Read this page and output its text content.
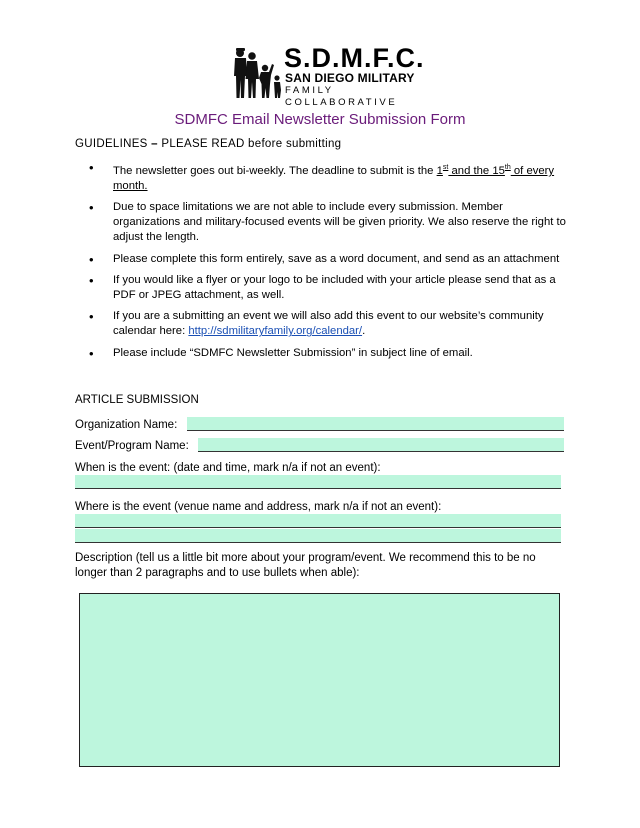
S.D.M.F.C.
SAN DIEGO MILITARY
FAMILY COLLABORATIVE
SDMFC Email Newsletter Submission Form
GUIDELINES – PLEASE READ before submitting
• The newsletter goes out bi-weekly. The deadline to submit is the 1st and the 15th of every month.
• Due to space limitations we are not able to include every submission. Member organizations and military-focused events will be given priority. We also reserve the right to adjust the length.
• Please complete this form entirely, save as a word document, and send as an attachment
• If you would like a flyer or your logo to be included with your article please send that as a PDF or JPEG attachment, as well.
• If you are a submitting an event we will also add this event to our website’s community calendar here: http://sdmilitaryfamily.org/calendar/.
• Please include “SDMFC Newsletter Submission” in subject line of email.
ARTICLE SUBMISSION
Organization Name:
Event/Program Name:
When is the event: (date and time, mark n/a if not an event):
Where is the event (venue name and address, mark n/a if not an event):
Description (tell us a little bit more about your program/event. We recommend this to be no longer than 2 paragraphs and to use bullets when able):
